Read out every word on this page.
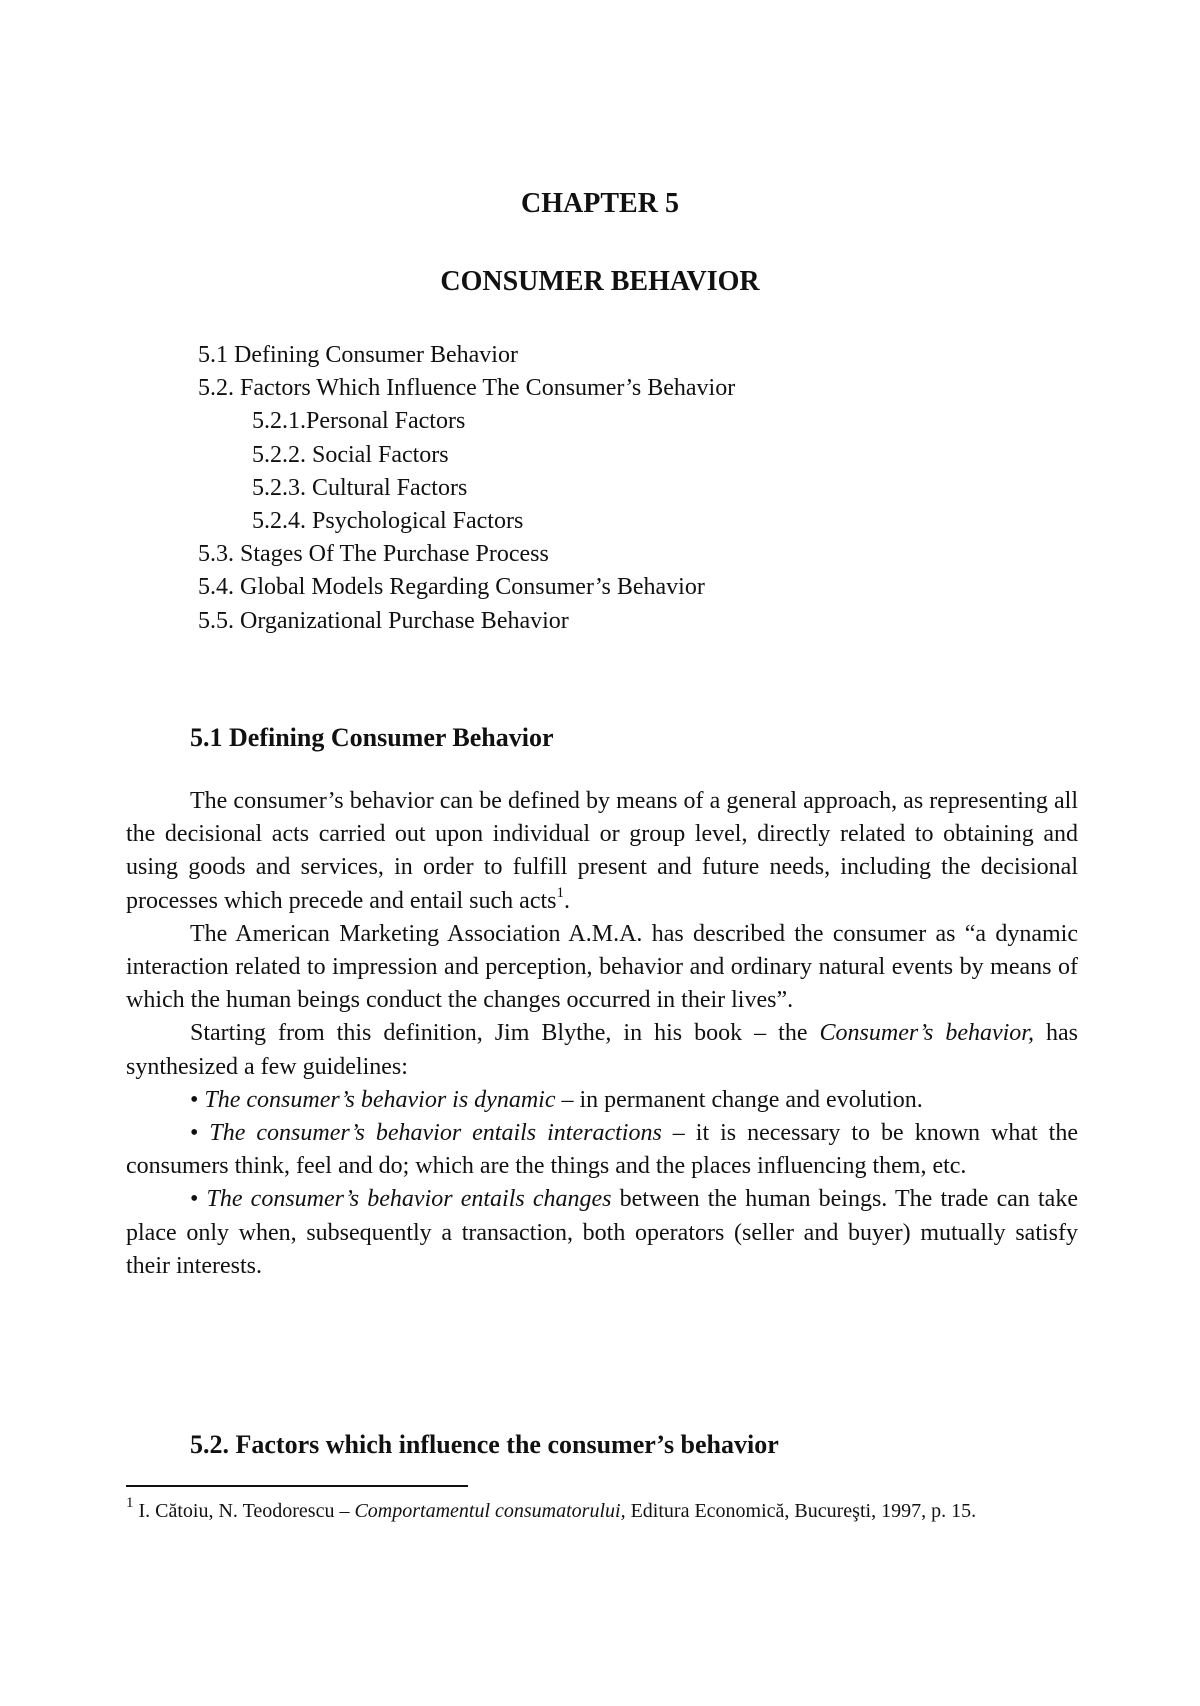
CHAPTER 5
CONSUMER BEHAVIOR
5.1 Defining Consumer Behavior
5.2. Factors Which Influence The Consumer’s Behavior
5.2.1.Personal Factors
5.2.2. Social Factors
5.2.3. Cultural Factors
5.2.4. Psychological Factors
5.3. Stages Of The Purchase Process
5.4. Global Models Regarding Consumer’s Behavior
5.5. Organizational Purchase Behavior
5.1 Defining Consumer Behavior

The consumer’s behavior can be defined by means of a general approach, as representing all the decisional acts carried out upon individual or group level, directly related to obtaining and using goods and services, in order to fulfill present and future needs, including the decisional processes which precede and entail such acts$^1$.

The American Marketing Association A.M.A. has described the consumer as “a dynamic interaction related to impression and perception, behavior and ordinary natural events by means of which the human beings conduct the changes occurred in their lives”.

Starting from this definition, Jim Blythe, in his book – the Consumer’s behavior, has synthesized a few guidelines:

• The consumer’s behavior is dynamic – in permanent change and evolution.

• The consumer’s behavior entails interactions – it is necessary to be known what the consumers think, feel and do; which are the things and the places influencing them, etc.

• The consumer’s behavior entails changes between the human beings. The trade can take place only when, subsequently a transaction, both operators (seller and buyer) mutually satisfy their interests.

5.2. Factors which influence the consumer’s behavior
$^1$ I. Cătoiu, N. Teodorescu – Comportamentul consumatorului, Editura Economică, Bucureşti, 1997, p. 15.
